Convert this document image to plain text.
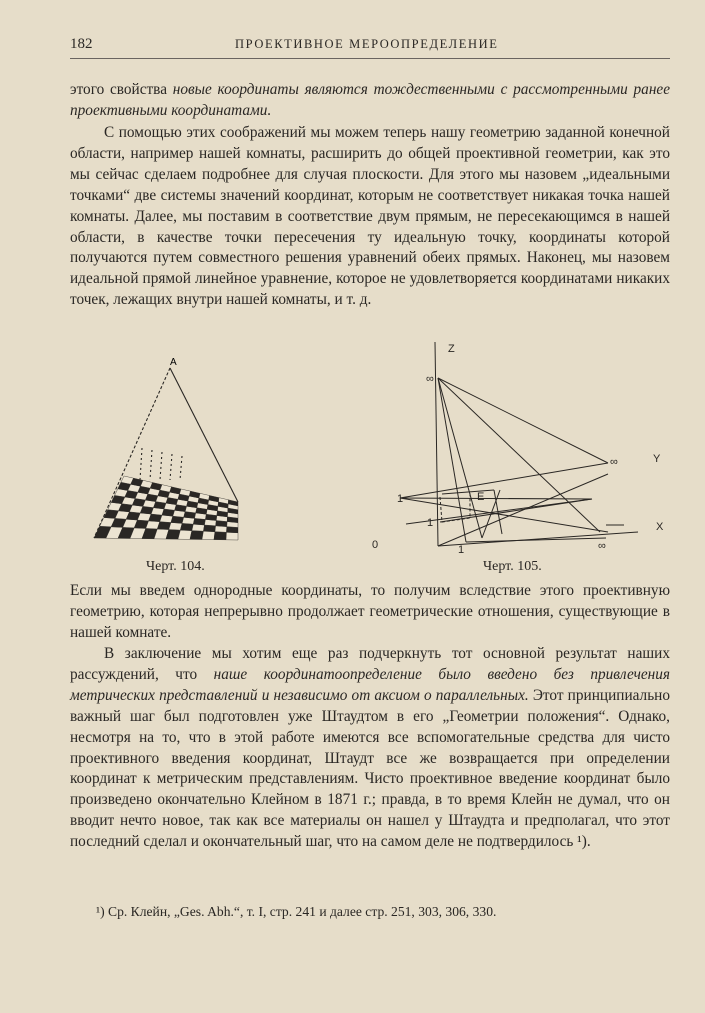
182	ПРОЕКТИВНОЕ МЕРООПРЕДЕЛЕНИЕ

этого свойства новые координаты являются тождественными с рассмотренными ранее проективными координатами.

С помощью этих соображений мы можем теперь нашу геометрию заданной конечной области, например нашей комнаты, расширить до общей проективной геометрии, как это мы сейчас сделаем подробнее для случая плоскости. Для этого мы назовем „идеальными точками“ две системы значений координат, которым не соответствует никакая точка нашей комнаты. Далее, мы поставим в соответствие двум прямым, не пересекающимся в нашей области, в качестве точки пересечения ту идеальную точку, координаты которой получаются путем совместного решения уравнений обеих прямых. Наконец, мы назовем идеальной прямой линейное уравнение, которое не удовлетворяется координатами никаких точек, лежащих внутри нашей комнаты, и т. д.

A
Z
Y
X
0
∞
∞
∞
1
1
1
E
Черт. 104.	Черт. 105.

Если мы введем однородные координаты, то получим вследствие этого проективную геометрию, которая непрерывно продолжает геометрические отношения, существующие в нашей комнате.

В заключение мы хотим еще раз подчеркнуть тот основной результат наших рассуждений, что наше координатоопределение было введено без привлечения метрических представлений и независимо от аксиом о параллельных. Этот принципиально важный шаг был подготовлен уже Штаудтом в его „Геометрии положения“. Однако, несмотря на то, что в этой работе имеются все вспомогательные средства для чисто проективного введения координат, Штаудт все же возвращается при определении координат к метрическим представлениям. Чисто проективное введение координат было произведено окончательно Клейном в 1871 г.; правда, в то время Клейн не думал, что он вводит нечто новое, так как все материалы он нашел у Штаудта и предполагал, что этот последний сделал и окончательный шаг, что на самом деле не подтвердилось ¹).

¹) Ср. Клейн, „Ges. Abh.“, т. I, стр. 241 и далее стр. 251, 303, 306, 330.
